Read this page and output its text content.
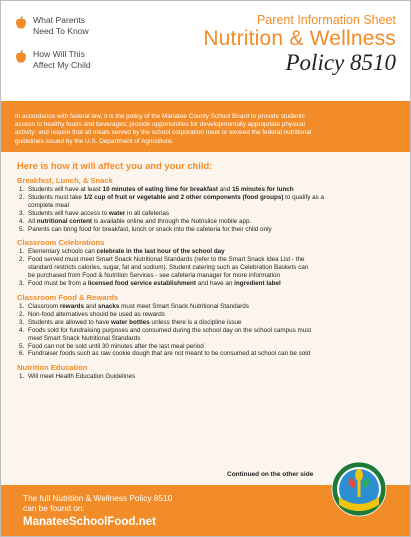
What Parents
Need To Know
How Will This
Affect My Child
Parent Information Sheet
Nutrition & Wellness
Policy 8510
In accordance with federal law, it is the policy of the Manatee County School Board to provide students
access to healthy foods and beverages; provide opportunities for developmentally appropriate physical
activity; and require that all meals served by the school corporation meet or exceed the federal nutritional
guidelines issued by the U.S. Department of Agriculture.
Here is how it will affect you and your child:
Breakfast, Lunch, & Snack
1. Students will have at least 10 minutes of eating time for breakfast and 15 minutes for lunch
2. Students must take 1/2 cup of fruit or vegetable and 2 other components (food groups) to qualify as a
complete meal
3. Students will have access to water in all cafeterias
4. All nutritional content is available online and through the Nutrislice mobile app.
5. Parents can bring food for breakfast, lunch or snack into the cafeteria for their child only
Classroom Celebrations
1. Elementary schools can celebrate in the last hour of the school day
2. Food served must meet Smart Snack Nutritional Standards (refer to the Smart Snack Idea List - the
standard restricts calories, sugar, fat and sodium). Student catering such as Celebration Baskets can
be purchased from Food & Nutrition Services - see cafeteria manager for more information
3. Food must be from a licensed food service establishment and have an ingredient label
Classroom Food & Rewards
1. Classroom rewards and snacks must meet Smart Snack Nutritional Standards
2. Non-food alternatives should be used as rewards
3. Students are allowed to have water bottles unless there is a discipline issue
4. Foods sold for fundraising purposes and consumed during the school day on the school campus must
meet Smart Snack Nutritional Standards
5. Food can not be sold until 30 minutes after the last meal period
6. Fundraiser foods such as raw cookie dough that are not meant to be consumed at school can be sold
Nutrition Education
1. Will meet Health Education Guidelines
Continued on the other side
The full Nutrition & Wellness Policy 8510
can be found on:
ManateeSchoolFood.net
